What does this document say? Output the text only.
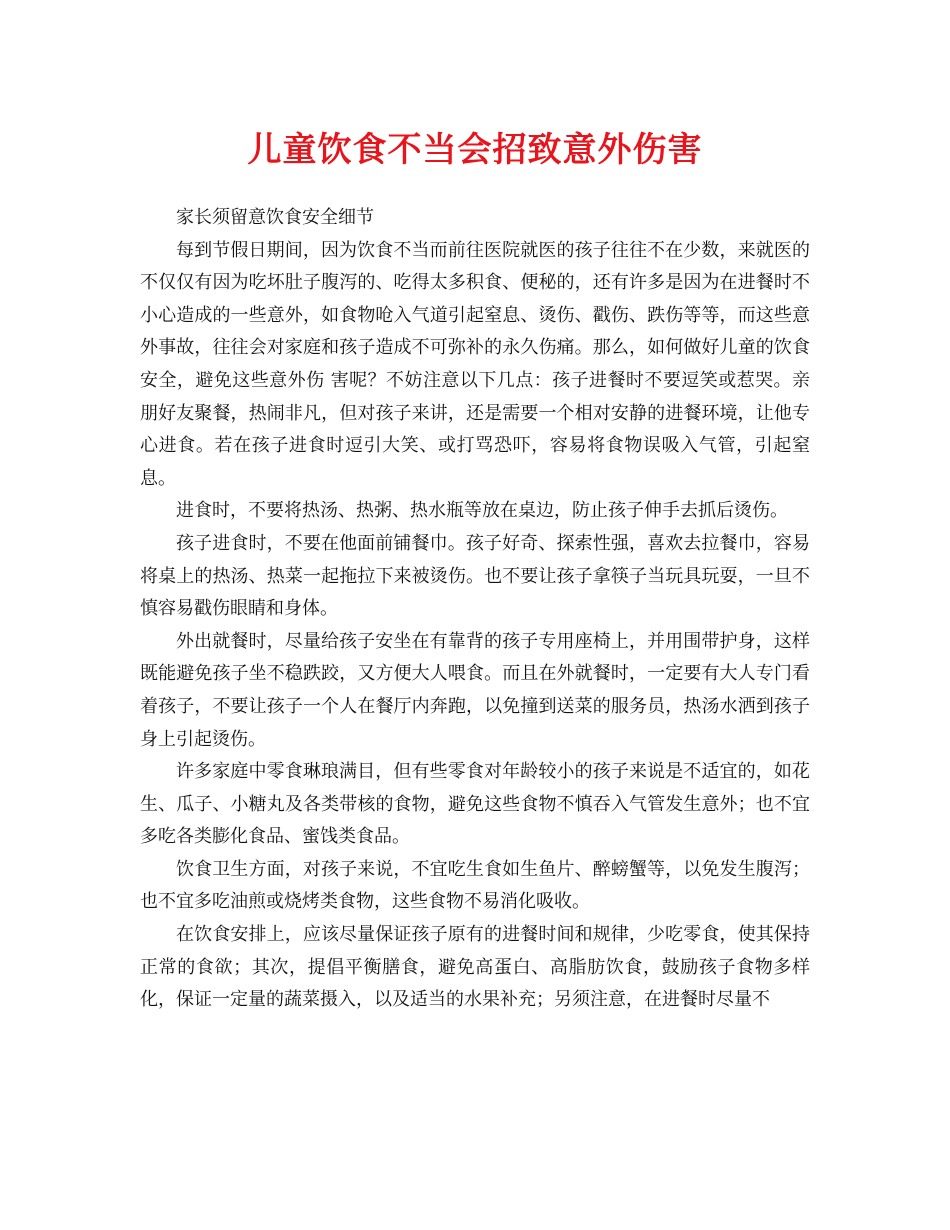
儿童饮食不当会招致意外伤害

家长须留意饮食安全细节

每到节假日期间，因为饮食不当而前往医院就医的孩子往往不在少数，来就医的不仅仅有因为吃坏肚子腹泻的、吃得太多积食、便秘的，还有许多是因为在进餐时不小心造成的一些意外，如食物呛入气道引起窒息、烫伤、戳伤、跌伤等等，而这些意外事故，往往会对家庭和孩子造成不可弥补的永久伤痛。那么，如何做好儿童的饮食安全，避免这些意外伤 害呢？不妨注意以下几点：孩子进餐时不要逗笑或惹哭。亲朋好友聚餐，热闹非凡，但对孩子来讲，还是需要一个相对安静的进餐环境，让他专心进食。若在孩子进食时逗引大笑、或打骂恐吓，容易将食物误吸入气管，引起窒息。

进食时，不要将热汤、热粥、热水瓶等放在桌边，防止孩子伸手去抓后烫伤。

孩子进食时，不要在他面前铺餐巾。孩子好奇、探索性强，喜欢去拉餐巾，容易将桌上的热汤、热菜一起拖拉下来被烫伤。也不要让孩子拿筷子当玩具玩耍，一旦不慎容易戳伤眼睛和身体。

外出就餐时，尽量给孩子安坐在有靠背的孩子专用座椅上，并用围带护身，这样既能避免孩子坐不稳跌跤，又方便大人喂食。而且在外就餐时，一定要有大人专门看着孩子，不要让孩子一个人在餐厅内奔跑，以免撞到送菜的服务员，热汤水洒到孩子身上引起烫伤。

许多家庭中零食琳琅满目，但有些零食对年龄较小的孩子来说是不适宜的，如花生、瓜子、小糖丸及各类带核的食物，避免这些食物不慎吞入气管发生意外；也不宜多吃各类膨化食品、蜜饯类食品。

饮食卫生方面，对孩子来说，不宜吃生食如生鱼片、醉螃蟹等，以免发生腹泻；也不宜多吃油煎或烧烤类食物，这些食物不易消化吸收。

在饮食安排上，应该尽量保证孩子原有的进餐时间和规律，少吃零食，使其保持正常的食欲；其次，提倡平衡膳食，避免高蛋白、高脂肪饮食，鼓励孩子食物多样化，保证一定量的蔬菜摄入，以及适当的水果补充；另须注意，在进餐时尽量不
